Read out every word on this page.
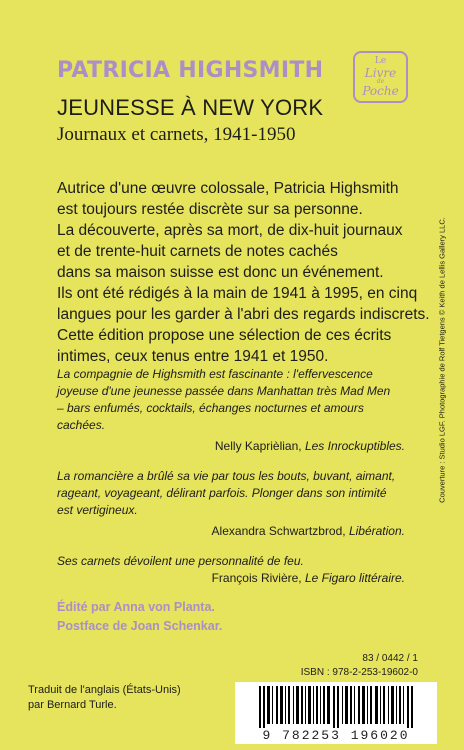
PATRICIA HIGHSMITH
JEUNESSE À NEW YORK
Journaux et carnets, 1941-1950
Le
Livre
de
Poche
Autrice d'une œuvre colossale, Patricia Highsmith
est toujours restée discrète sur sa personne.
La découverte, après sa mort, de dix-huit journaux
et de trente-huit carnets de notes cachés
dans sa maison suisse est donc un événement.
Ils ont été rédigés à la main de 1941 à 1995, en cinq
langues pour les garder à l'abri des regards indiscrets.
Cette édition propose une sélection de ces écrits
intimes, ceux tenus entre 1941 et 1950.
La compagnie de Highsmith est fascinante : l'effervescence
joyeuse d'une jeunesse passée dans Manhattan très Mad Men
– bars enfumés, cocktails, échanges nocturnes et amours
cachées.
Nelly Kaprièlian, Les Inrockuptibles.
La romancière a brûlé sa vie par tous les bouts, buvant, aimant,
rageant, voyageant, délirant parfois. Plonger dans son intimité
est vertigineux.
Alexandra Schwartzbrod, Libération.
Ses carnets dévoilent une personnalité de feu.
François Rivière, Le Figaro littéraire.
Édité par Anna von Planta.
Postface de Joan Schenkar.
Traduit de l'anglais (États-Unis)
par Bernard Turle.
Couverture : Studio LGF. Photographie de Rolf Tietgens © Keith de Lellis Gallery LLC.
83 / 0442 / 1
ISBN : 978-2-253-19602-0
9 782253 196020
